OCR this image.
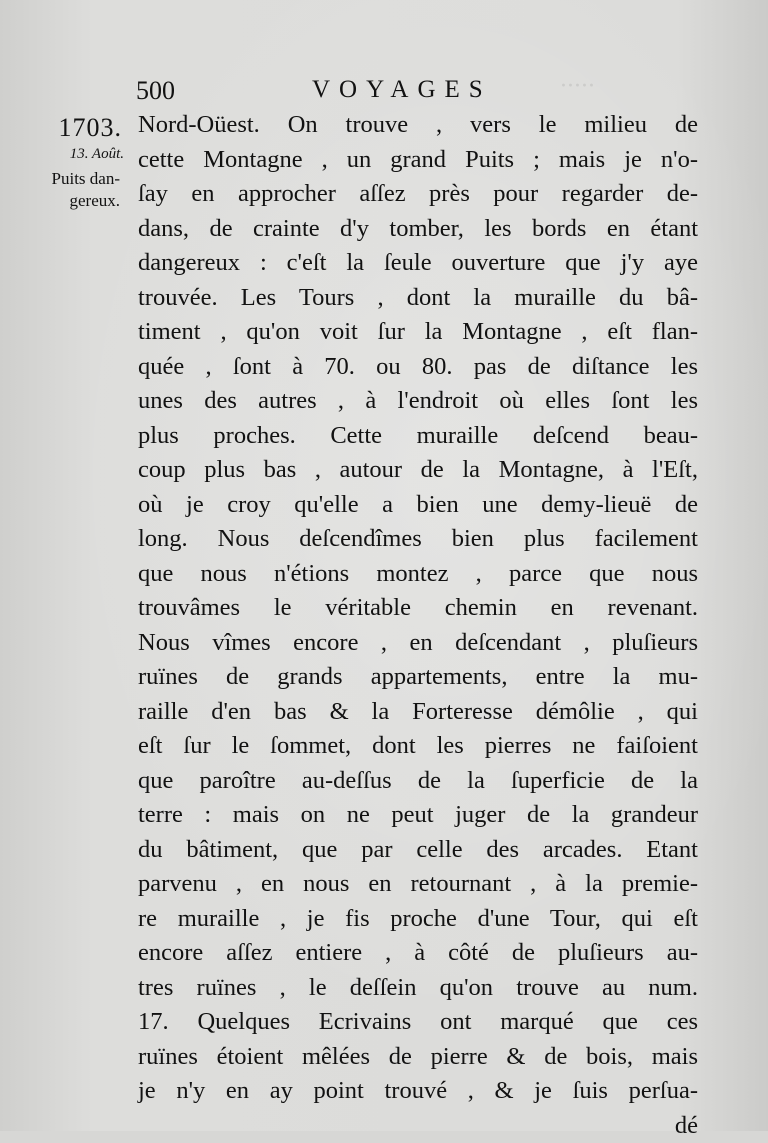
·····
500	VOYAGES
1703.
13. Août.
Puits dan-
gereux.
Nord-Oüest. On trouve , vers le milieu de
cette Montagne , un grand Puits ; mais je n'o-
ſay en approcher aſſez près pour regarder de-
dans, de crainte d'y tomber, les bords en étant
dangereux : c'eſt la ſeule ouverture que j'y aye
trouvée. Les Tours , dont la muraille du bâ-
timent , qu'on voit ſur la Montagne , eſt flan-
quée , ſont à 70. ou 80. pas de diſtance les
unes des autres , à l'endroit où elles ſont les
plus proches. Cette muraille deſcend beau-
coup plus bas , autour de la Montagne, à l'Eſt,
où je croy qu'elle a bien une demy-lieuë de
long. Nous deſcendîmes bien plus facilement
que nous n'étions montez , parce que nous
trouvâmes le véritable chemin en revenant.
Nous vîmes encore , en deſcendant , pluſieurs
ruïnes de grands appartements, entre la mu-
raille d'en bas & la Forteresse démôlie , qui
eſt ſur le ſommet, dont les pierres ne faiſoient
que paroître au-deſſus de la ſuperficie de la
terre : mais on ne peut juger de la grandeur
du bâtiment, que par celle des arcades. Etant
parvenu , en nous en retournant , à la premie-
re muraille , je fis proche d'une Tour, qui eſt
encore aſſez entiere , à côté de pluſieurs au-
tres ruïnes , le deſſein qu'on trouve au num.
17. Quelques Ecrivains ont marqué que ces
ruïnes étoient mêlées de pierre & de bois, mais
je n'y en ay point trouvé , & je ſuis perſua-
dé
